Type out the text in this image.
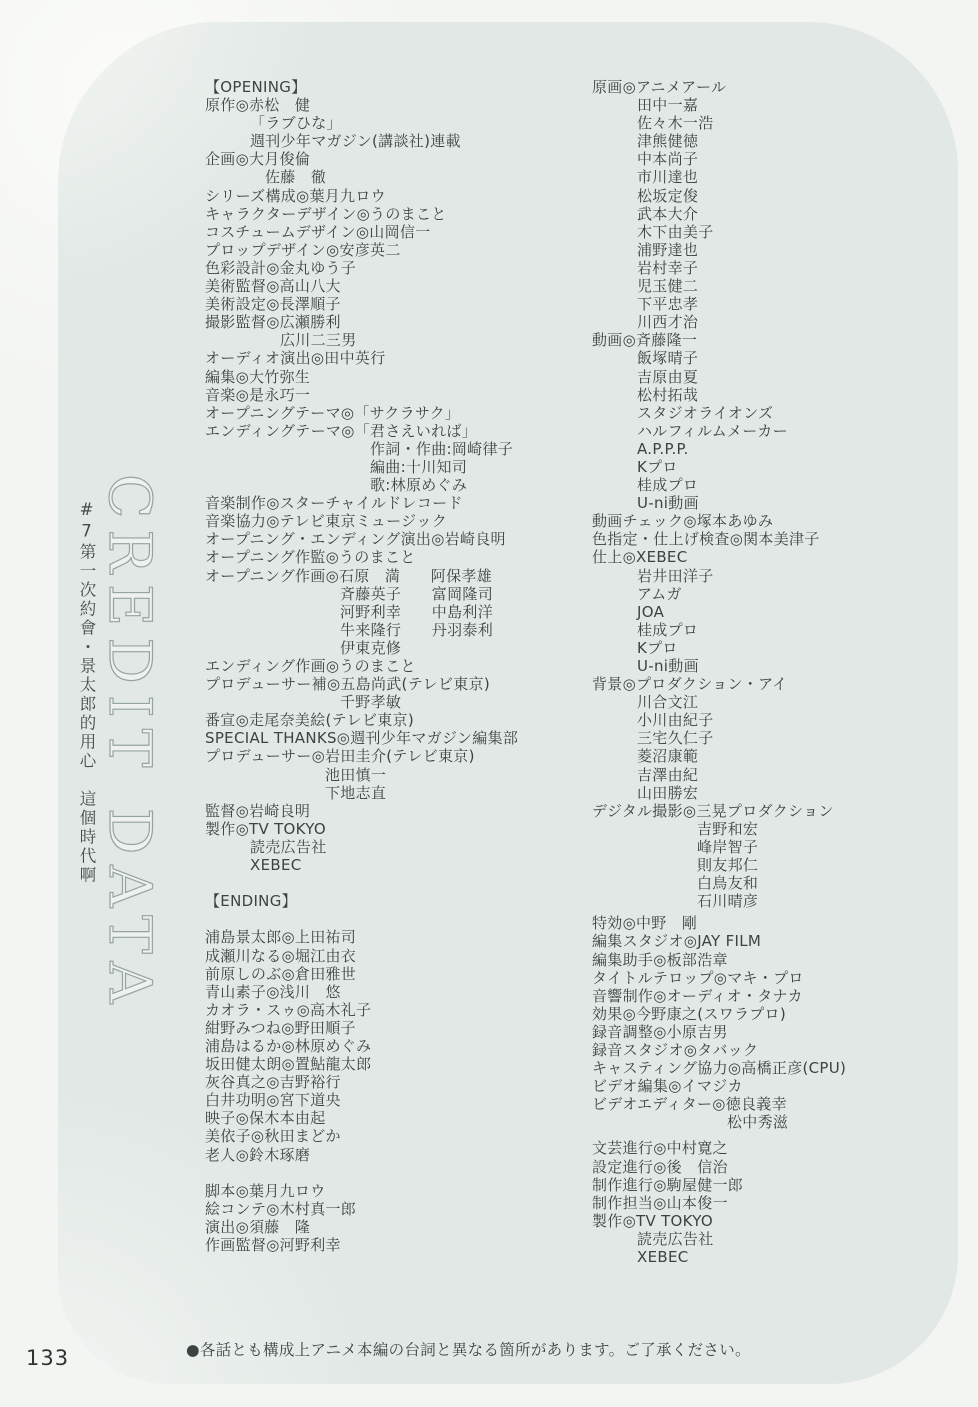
#7第一次約會・景太郎的用心　這個時代啊 CREDIT DATA
【OPENING】
原作◎赤松　健
「ラブひな」
週刊少年マガジン(講談社)連載
企画◎大月俊倫
佐藤　徹
シリーズ構成◎葉月九ロウ
キャラクターデザイン◎うのまこと
コスチュームデザイン◎山岡信一
プロップデザイン◎安彦英二
色彩設計◎金丸ゆう子
美術監督◎高山八大
美術設定◎長澤順子
撮影監督◎広瀬勝利
広川二三男
オーディオ演出◎田中英行
編集◎大竹弥生
音楽◎是永巧一
オープニングテーマ◎「サクラサク」
エンディングテーマ◎「君さえいれば」
作詞・作曲:岡崎律子
編曲:十川知司
歌:林原めぐみ
音楽制作◎スターチャイルドレコード
音楽協力◎テレビ東京ミュージック
オープニング・エンディング演出◎岩崎良明
オープニング作監◎うのまこと
オープニング作画◎石原　満　　阿保孝雄
斉藤英子　　富岡隆司
河野利幸　　中島利洋
牛来隆行　　丹羽泰利
伊東克修
エンディング作画◎うのまこと
プロデューサー補◎五島尚武(テレビ東京)
千野孝敏
番宣◎走尾奈美絵(テレビ東京)
SPECIAL THANKS◎週刊少年マガジン編集部
プロデューサー◎岩田圭介(テレビ東京)
池田慎一
下地志直
監督◎岩崎良明
製作◎TV TOKYO
読売広告社
XEBEC
【ENDING】
浦島景太郎◎上田祐司
成瀬川なる◎堀江由衣
前原しのぶ◎倉田雅世
青山素子◎浅川　悠
カオラ・スゥ◎高木礼子
紺野みつね◎野田順子
浦島はるか◎林原めぐみ
坂田健太朗◎置鮎龍太郎
灰谷真之◎吉野裕行
白井功明◎宮下道央
映子◎保木本由起
美依子◎秋田まどか
老人◎鈴木琢磨
脚本◎葉月九ロウ
絵コンテ◎木村真一郎
演出◎須藤　隆
作画監督◎河野利幸
原画◎アニメアール
田中一嘉
佐々木一浩
津熊健徳
中本尚子
市川達也
松坂定俊
武本大介
木下由美子
浦野達也
岩村幸子
児玉健二
下平忠孝
川西才治
動画◎斉藤隆一
飯塚晴子
吉原由夏
松村拓哉
スタジオライオンズ
ハルフィルムメーカー
A.P.P.P.
Kプロ
桂成プロ
U-ni動画
動画チェック◎塚本あゆみ
色指定・仕上げ検査◎関本美津子
仕上◎XEBEC
岩井田洋子
アムガ
JOA
桂成プロ
Kプロ
U-ni動画
背景◎プロダクション・アイ
川合文江
小川由紀子
三宅久仁子
菱沼康範
吉澤由紀
山田勝宏
デジタル撮影◎三晃プロダクション
吉野和宏
峰岸智子
則友邦仁
白鳥友和
石川晴彦
特効◎中野　剛
編集スタジオ◎JAY FILM
編集助手◎板部浩章
タイトルテロップ◎マキ・プロ
音響制作◎オーディオ・タナカ
効果◎今野康之(スワラプロ)
録音調整◎小原吉男
録音スタジオ◎タバック
キャスティング協力◎高橋正彦(CPU)
ビデオ編集◎イマジカ
ビデオエディター◎徳良義幸
松中秀滋
文芸進行◎中村寛之
設定進行◎後　信治
制作進行◎駒屋健一郎
制作担当◎山本俊一
製作◎TV TOKYO
読売広告社
XEBEC
●各話とも構成上アニメ本編の台詞と異なる箇所があります。ご了承ください。
133
